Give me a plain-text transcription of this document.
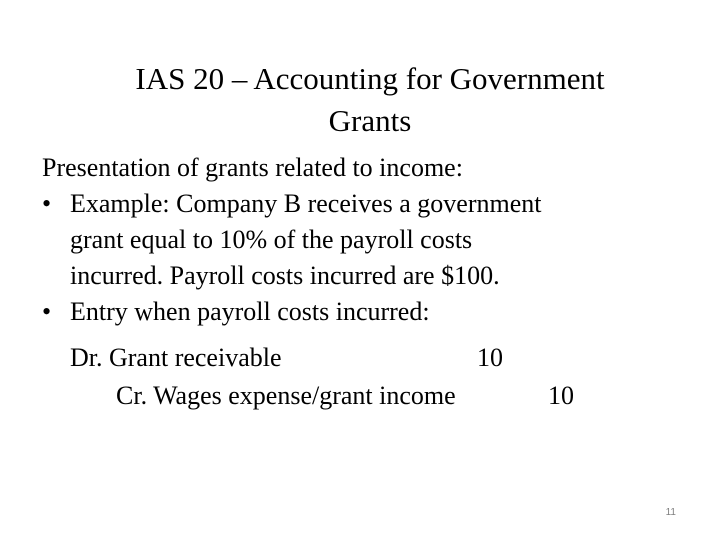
IAS 20 – Accounting for Government
Grants
Presentation of grants related to income:
• Example: Company B receives a government
grant equal to 10% of the payroll costs
incurred. Payroll costs incurred are $100.
• Entry when payroll costs incurred:
Dr. Grant receivable	10
Cr. Wages expense/grant income	10
11
